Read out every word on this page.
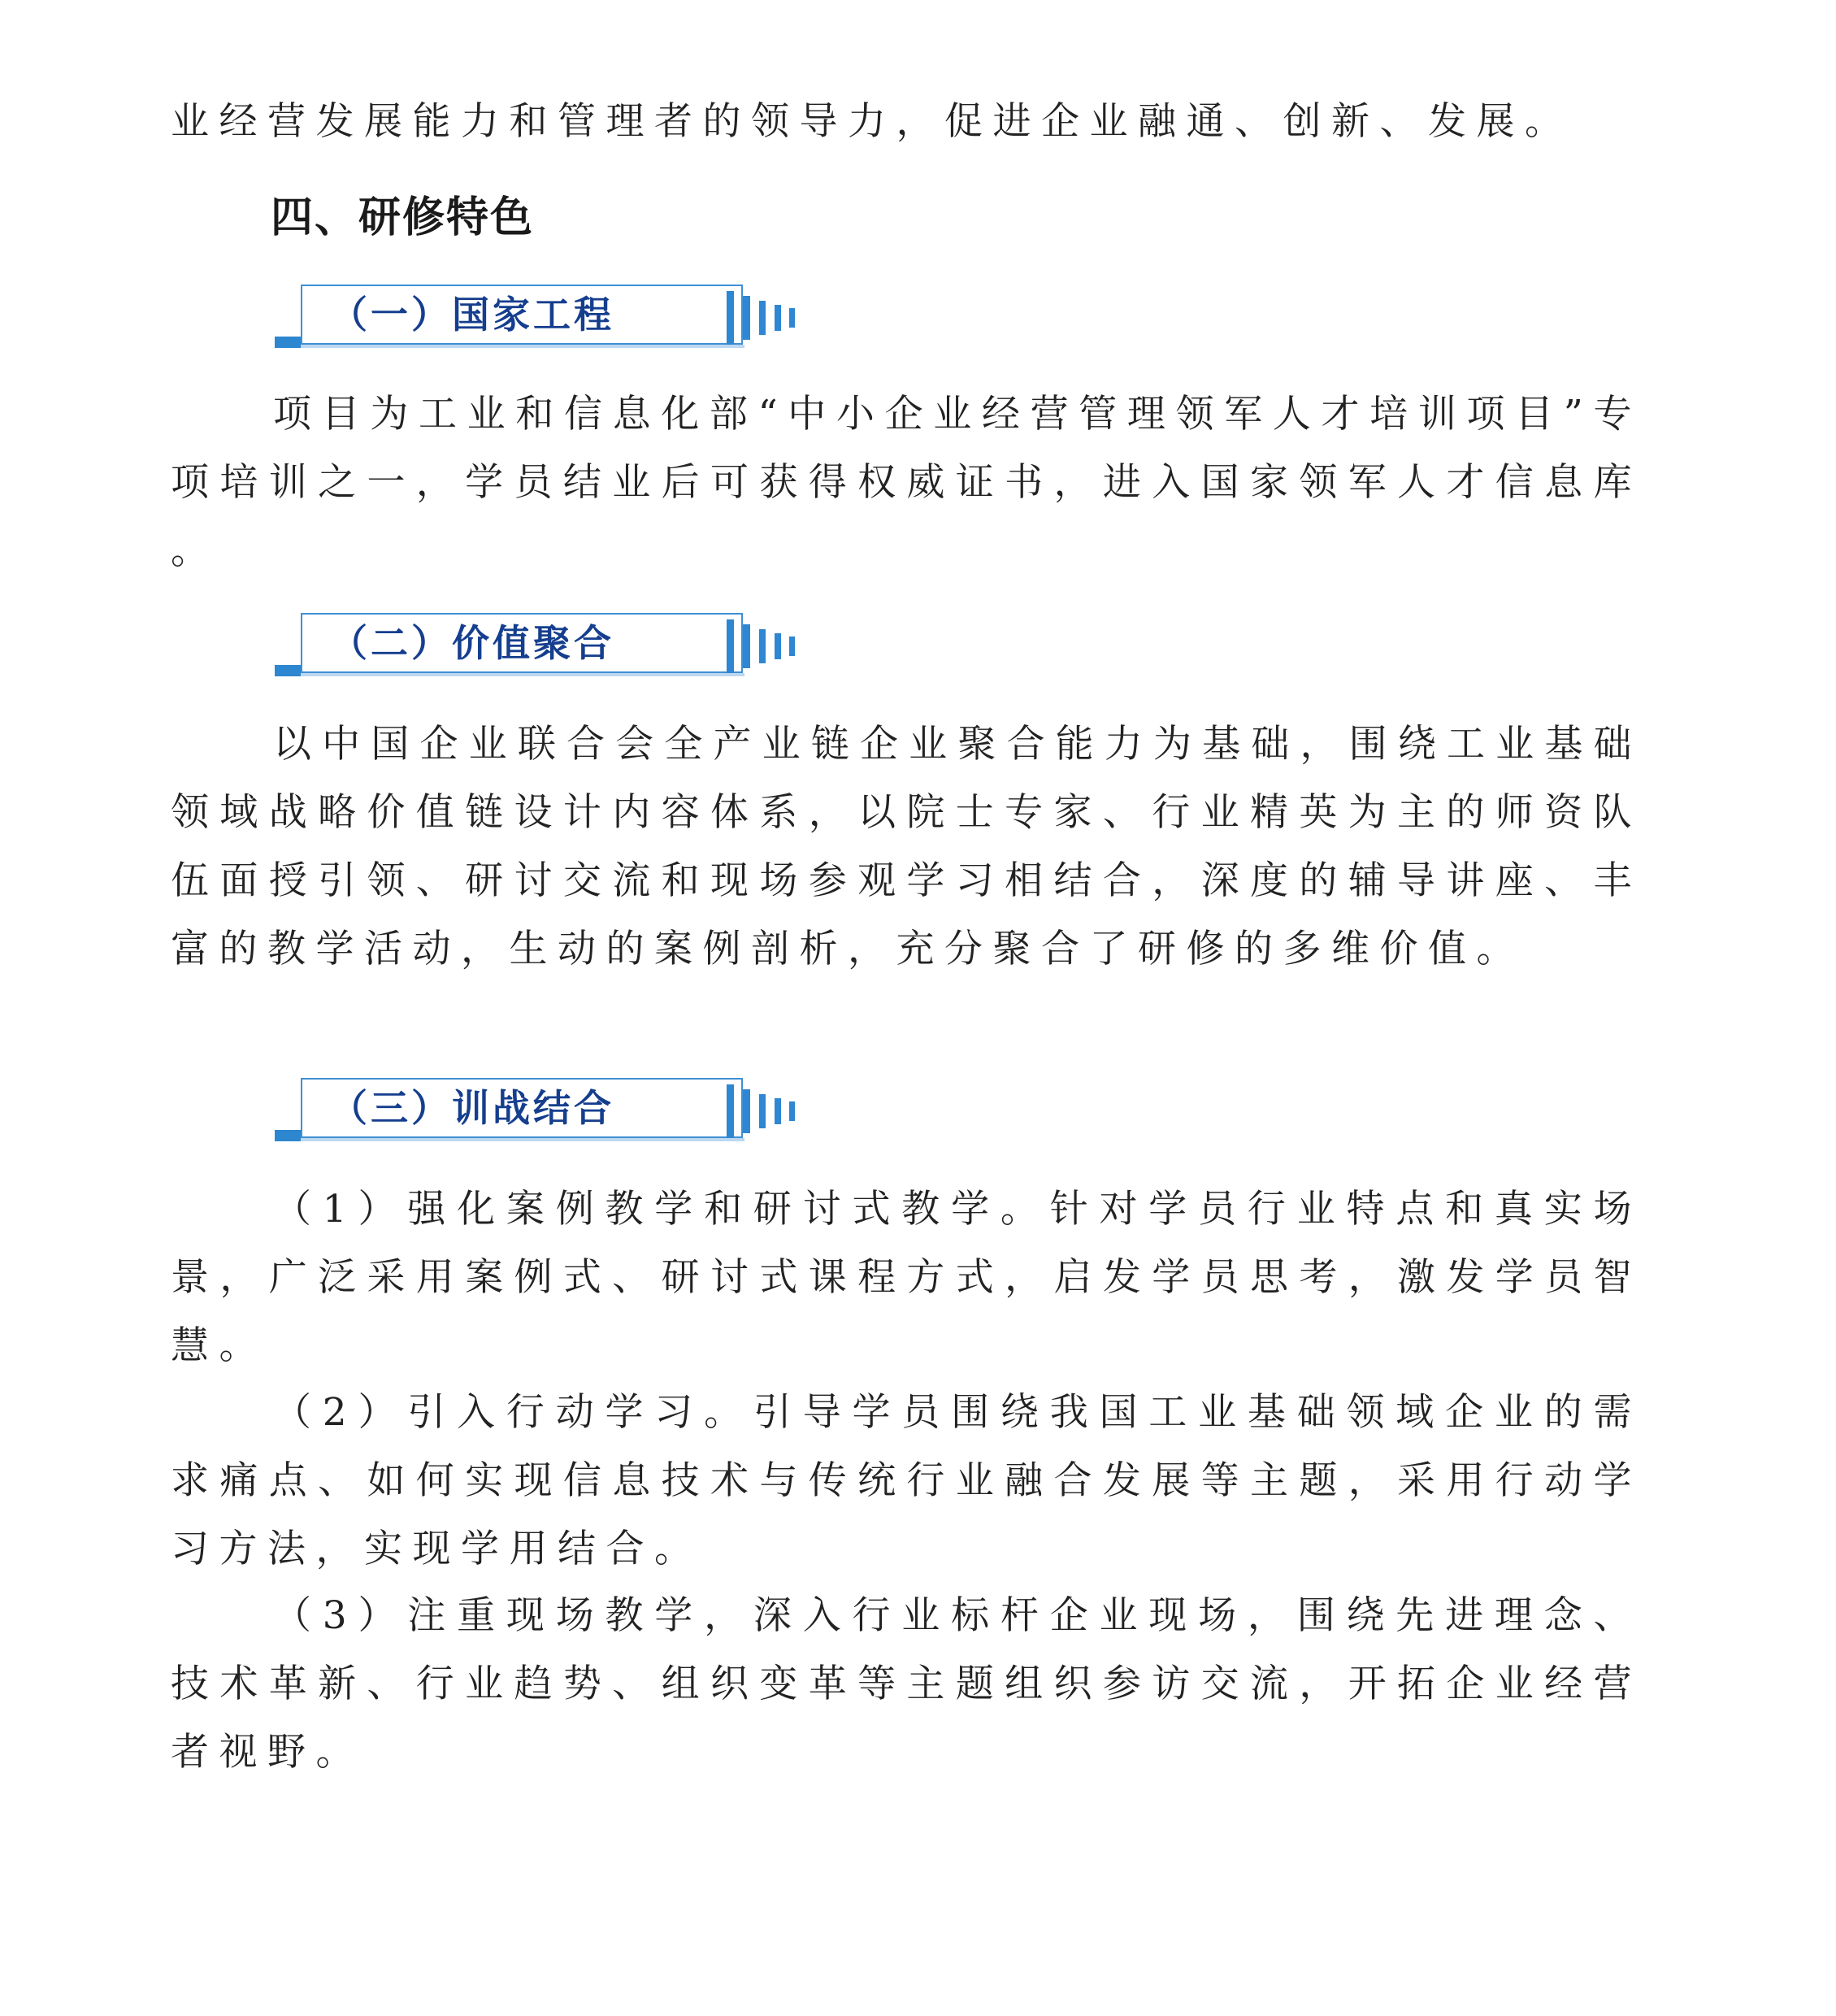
业经营发展能力和管理者的领导力，促进企业融通、创新、发展。

四、研修特色
（一）国家工程

项目为工业和信息化部“中小企业经营管理领军人才培训项目”专项培训之一，学员结业后可获得权威证书，进入国家领军人才信息库。

（二）价值聚合

以中国企业联合会全产业链企业聚合能力为基础，围绕工业基础领域战略价值链设计内容体系，以院士专家、行业精英为主的师资队伍面授引领、研讨交流和现场参观学习相结合，深度的辅导讲座、丰富的教学活动，生动的案例剖析，充分聚合了研修的多维价值。

（三）训战结合

（1）强化案例教学和研讨式教学。针对学员行业特点和真实场景，广泛采用案例式、研讨式课程方式，启发学员思考，激发学员智慧。

（2）引入行动学习。引导学员围绕我国工业基础领域企业的需求痛点、如何实现信息技术与传统行业融合发展等主题，采用行动学习方法，实现学用结合。

（3）注重现场教学，深入行业标杆企业现场，围绕先进理念、技术革新、行业趋势、组织变革等主题组织参访交流，开拓企业经营者视野。
